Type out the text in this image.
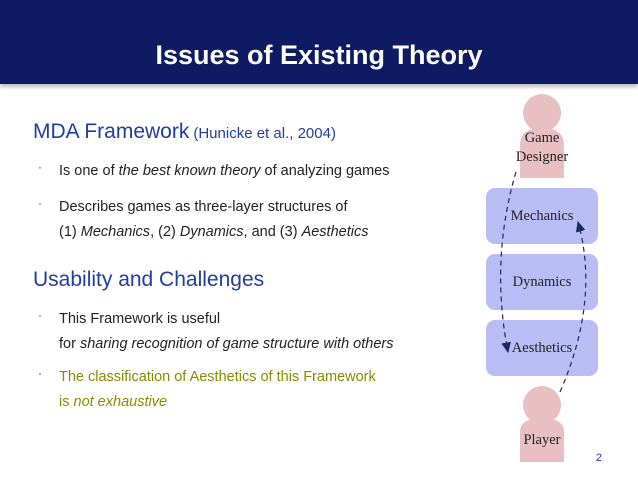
Issues of Existing Theory
MDA Framework (Hunicke et al., 2004)
· Is one of the best known theory of analyzing games
· Describes games as three-layer structures of
(1) Mechanics, (2) Dynamics, and (3) Aesthetics
Usability and Challenges
· This Framework is useful
for sharing recognition of game structure with others
· The classification of Aesthetics of this Framework
is not exhaustive
Game
Designer
Mechanics
Dynamics
Aesthetics
Player
2
